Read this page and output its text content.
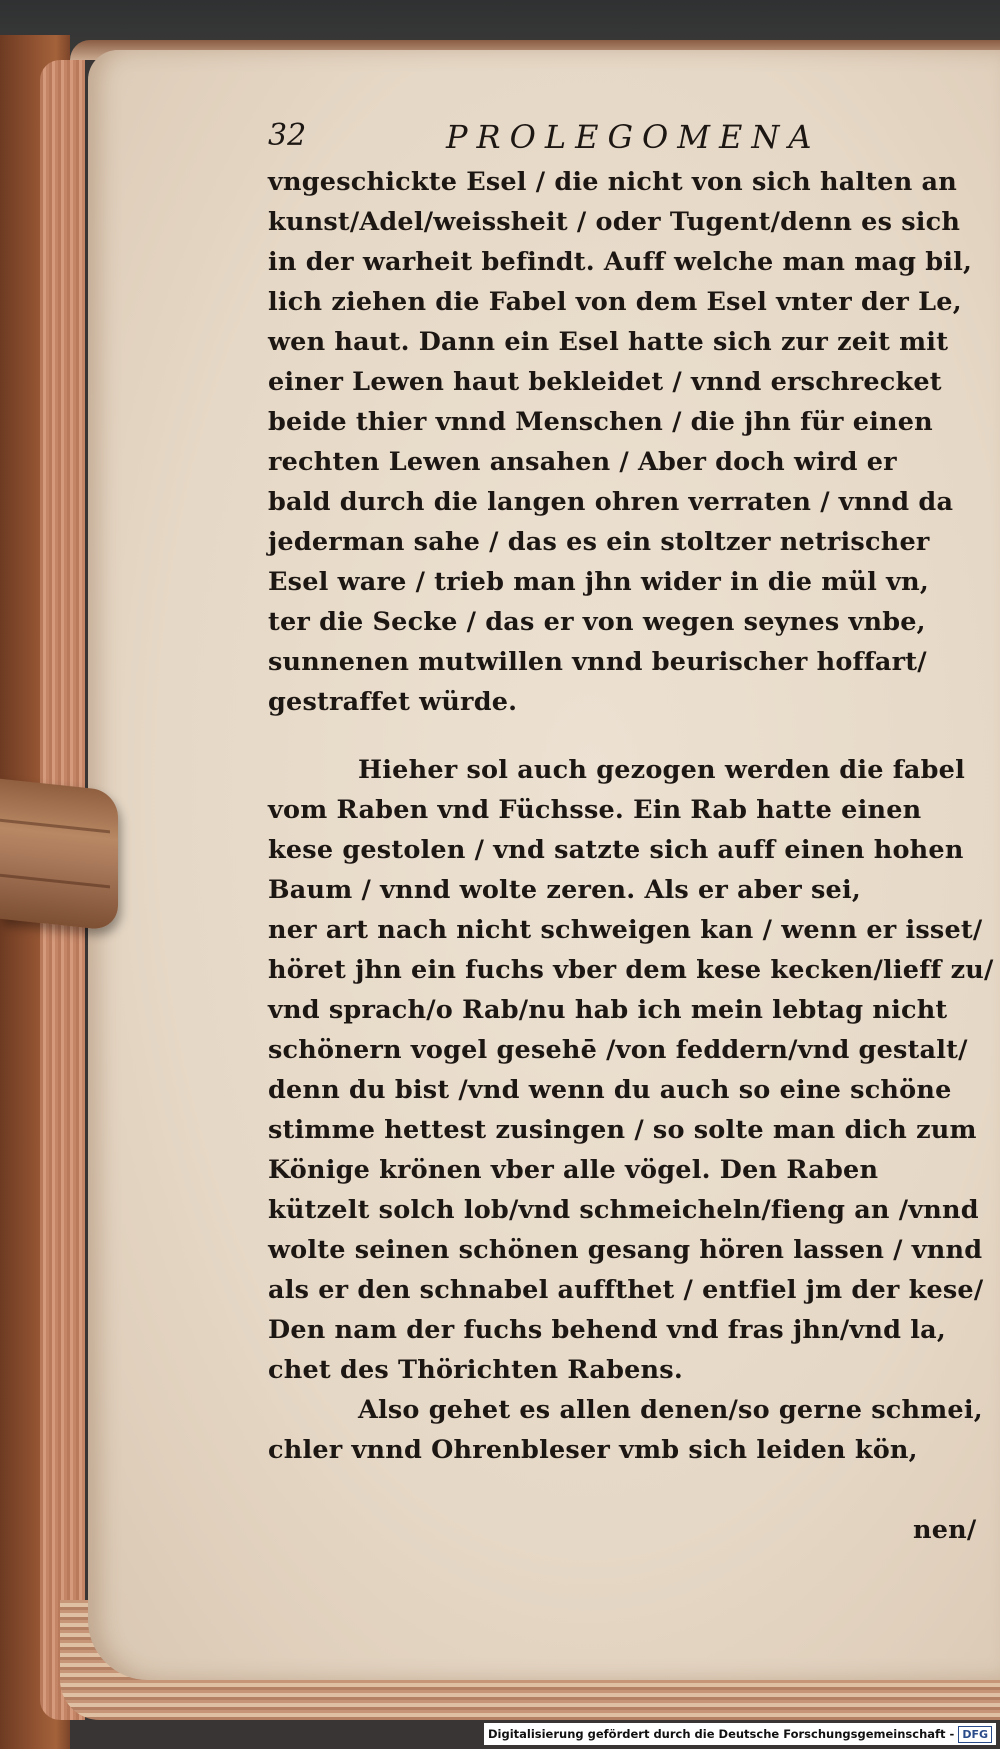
32	PROLEGOMENA
vngeschickte Esel / die nicht von sich halten an
kunst/Adel/weissheit / oder Tugent/denn es sich
in der warheit befindt. Auff welche man mag bil,
lich ziehen die Fabel von dem Esel vnter der Le,
wen haut. Dann ein Esel hatte sich zur zeit mit
einer Lewen haut bekleidet / vnnd erschrecket
beide thier vnnd Menschen / die jhn für einen
rechten Lewen ansahen / Aber doch wird er
bald durch die langen ohren verraten / vnnd da
jederman sahe / das es ein stoltzer netrischer
Esel ware / trieb man jhn wider in die mül vn,
ter die Secke / das er von wegen seynes vnbe,
sunnenen mutwillen vnnd beurischer hoffart/
gestraffet würde.
Hieher sol auch gezogen werden die fabel
vom Raben vnd Füchsse. Ein Rab hatte einen
kese gestolen / vnd satzte sich auff einen hohen
Baum / vnnd wolte zeren. Als er aber sei,
ner art nach nicht schweigen kan / wenn er isset/
höret jhn ein fuchs vber dem kese kecken/lieff zu/
vnd sprach/o Rab/nu hab ich mein lebtag nicht
schönern vogel gesehē /von feddern/vnd gestalt/
denn du bist /vnd wenn du auch so eine schöne
stimme hettest zusingen / so solte man dich zum
Könige krönen vber alle vögel. Den Raben
kützelt solch lob/vnd schmeicheln/fieng an /vnnd
wolte seinen schönen gesang hören lassen / vnnd
als er den schnabel auffthet / entfiel jm der kese/
Den nam der fuchs behend vnd fras jhn/vnd la,
chet des Thörichten Rabens.
Also gehet es allen denen/so gerne schmei,
chler vnnd Ohrenbleser vmb sich leiden kön,
nen/
Digitalisierung gefördert durch die Deutsche Forschungsgemeinschaft - DFG
